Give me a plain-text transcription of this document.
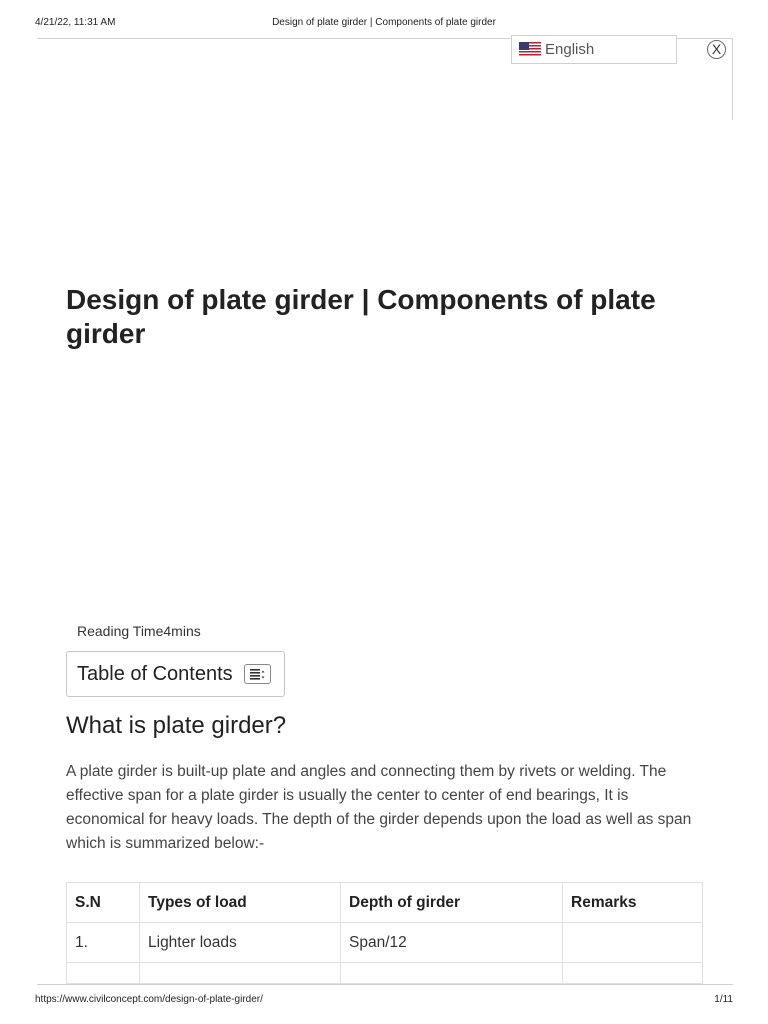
4/21/22, 11:31 AM	Design of plate girder | Components of plate girder
English	X
Design of plate girder | Components of plate girder
Reading Time4mins
Table of Contents
What is plate girder?

A plate girder is built-up plate and angles and connecting them by rivets or welding. The effective span for a plate girder is usually the center to center of end bearings, It is economical for heavy loads. The depth of the girder depends upon the load as well as span which is summarized below:-

S.N	Types of load	Depth of girder	Remarks
1.	Lighter loads	Span/12	

https://www.civilconcept.com/design-of-plate-girder/	1/11
